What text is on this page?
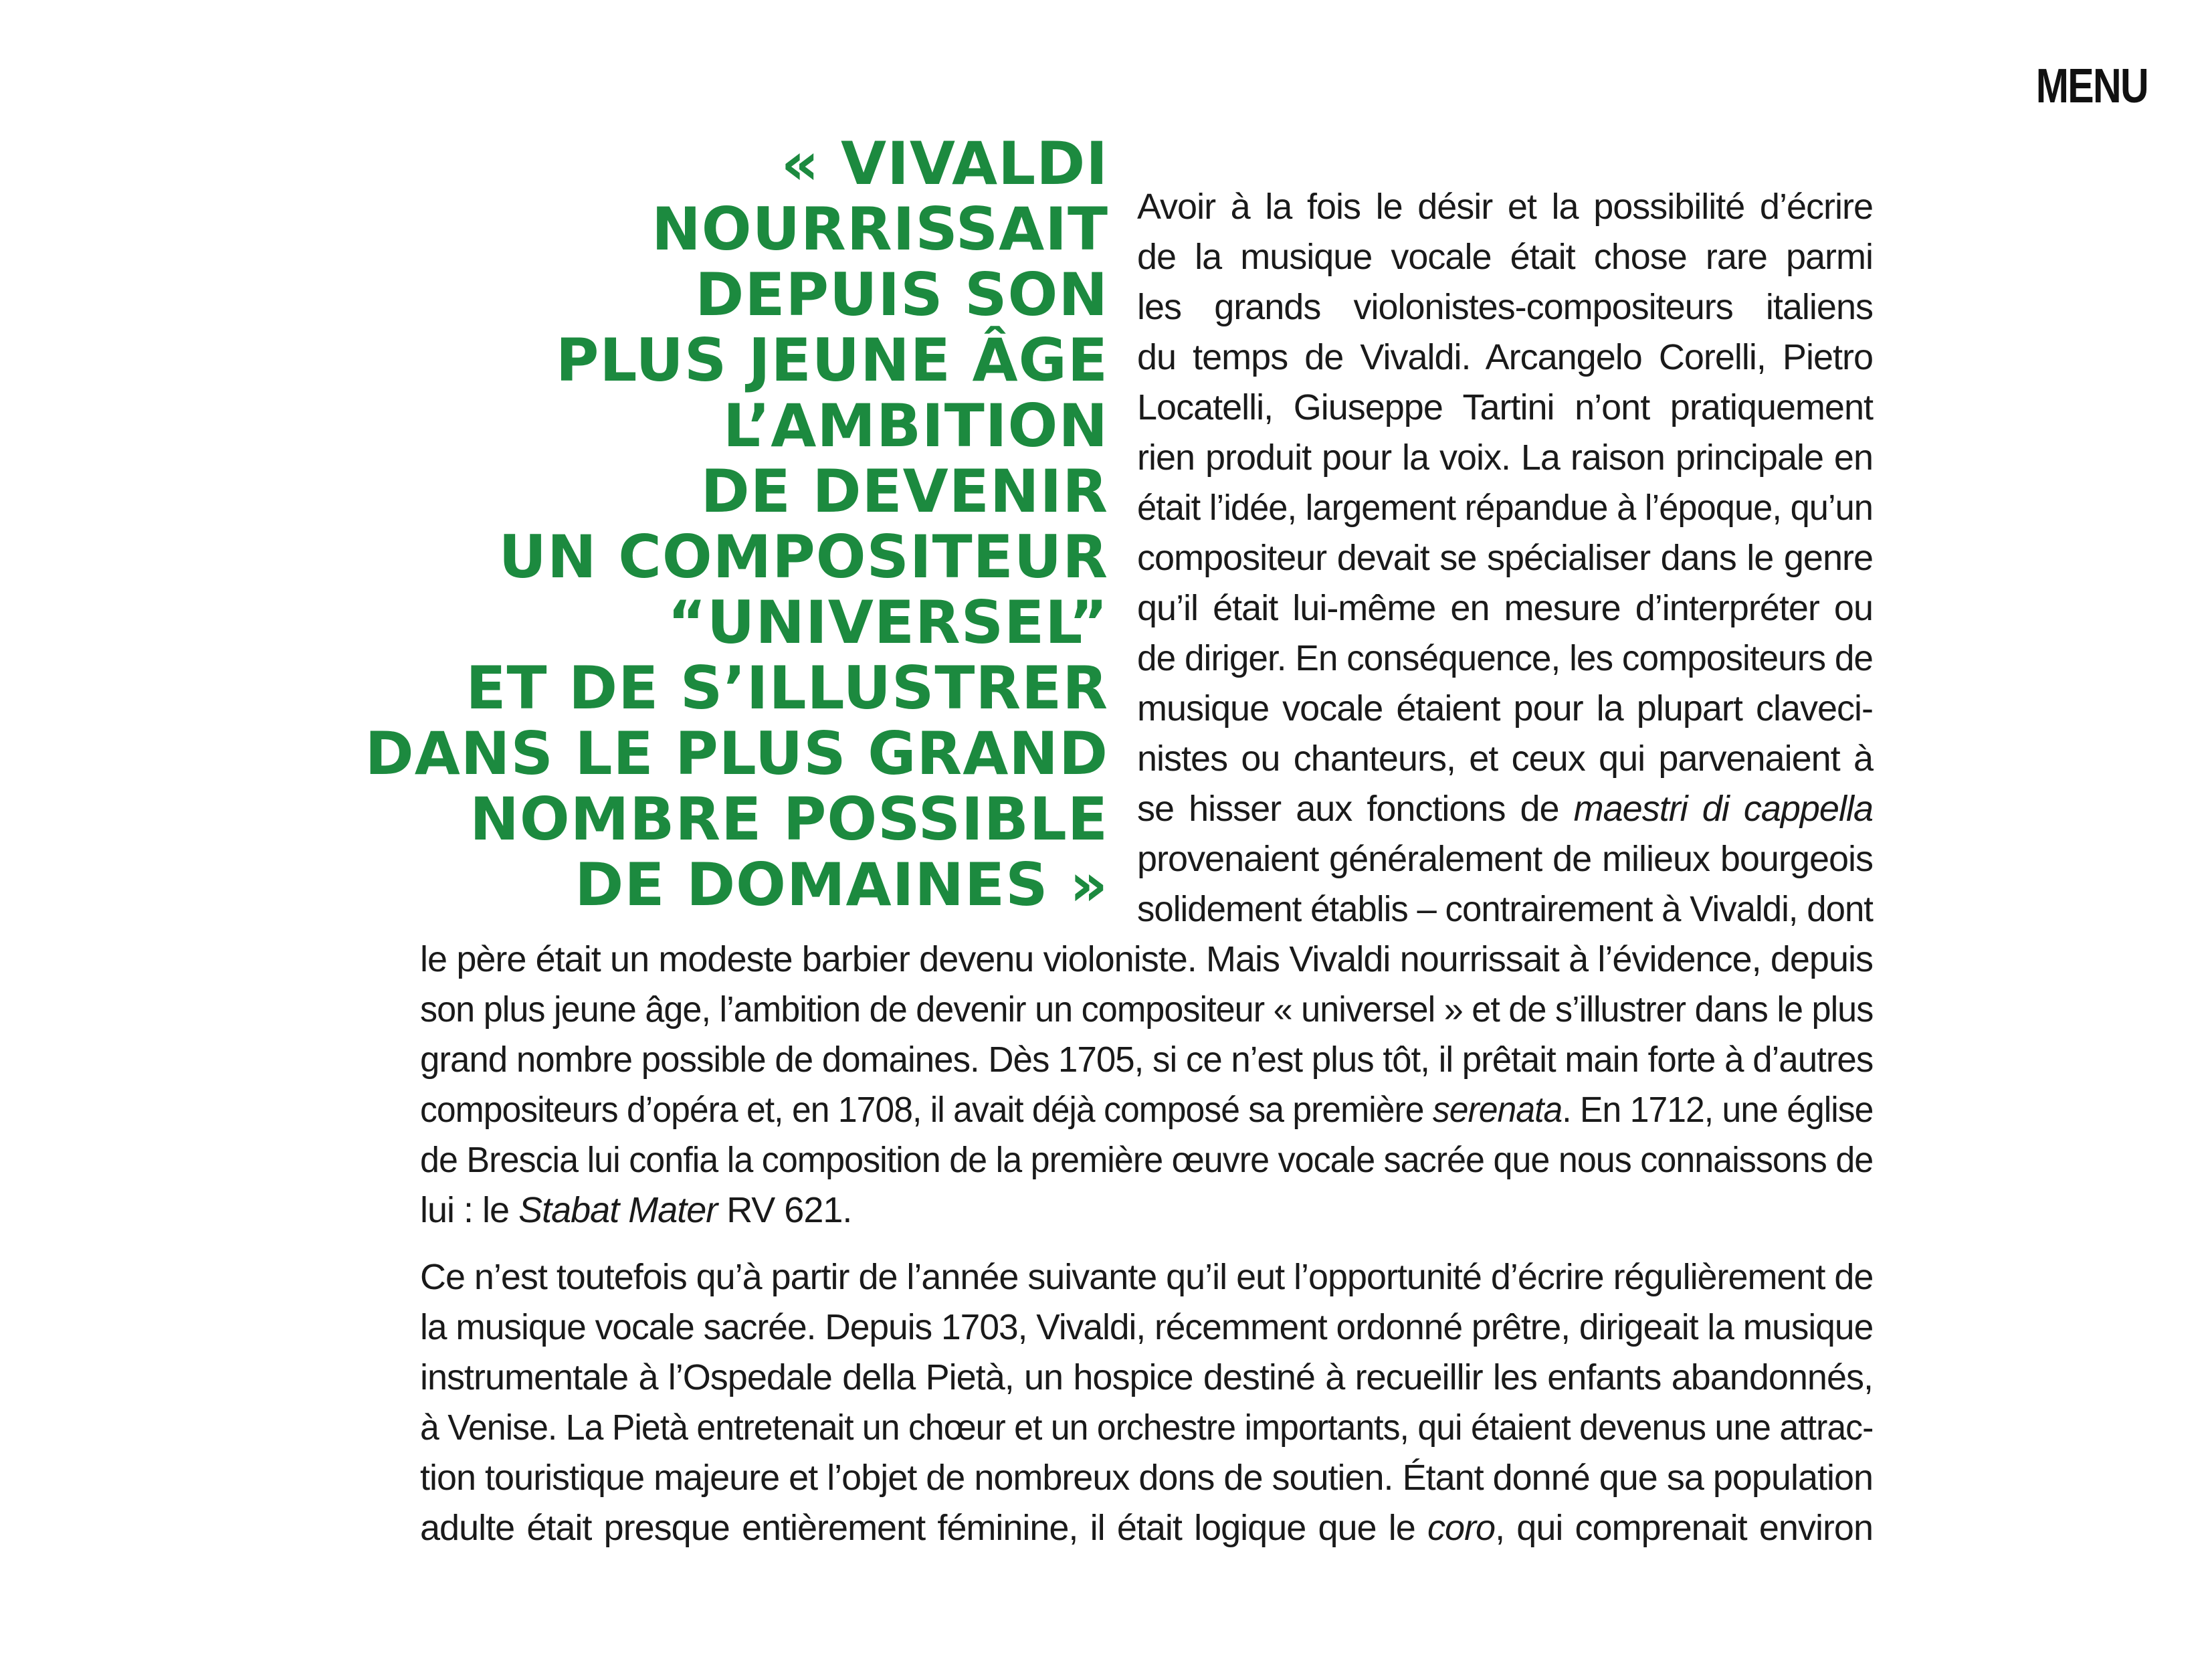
MENU
« VIVALDI
NOURRISSAIT
DEPUIS SON
PLUS JEUNE ÂGE
L’AMBITION
DE DEVENIR
UN COMPOSITEUR
“UNIVERSEL”
ET DE S’ILLUSTRER
DANS LE PLUS GRAND
NOMBRE POSSIBLE
DE DOMAINES »
Avoir à la fois le désir et la possibilité d’écrire
de la musique vocale était chose rare parmi
les grands violonistes-compositeurs italiens
du temps de Vivaldi. Arcangelo Corelli, Pietro
Locatelli, Giuseppe Tartini n’ont pratiquement
rien produit pour la voix. La raison principale en
était l’idée, largement répandue à l’époque, qu’un
compositeur devait se spécialiser dans le genre
qu’il était lui-même en mesure d’interpréter ou
de diriger. En conséquence, les compositeurs de
musique vocale étaient pour la plupart claveci-
nistes ou chanteurs, et ceux qui parvenaient à
se hisser aux fonctions de maestri di cappella
provenaient généralement de milieux bourgeois
solidement établis – contrairement à Vivaldi, dont
le père était un modeste barbier devenu violoniste. Mais Vivaldi nourrissait à l’évidence, depuis
son plus jeune âge, l’ambition de devenir un compositeur « universel » et de s’illustrer dans le plus
grand nombre possible de domaines. Dès 1705, si ce n’est plus tôt, il prêtait main forte à d’autres
compositeurs d’opéra et, en 1708, il avait déjà composé sa première serenata. En 1712, une église
de Brescia lui confia la composition de la première œuvre vocale sacrée que nous connaissons de
lui : le Stabat Mater RV 621.
Ce n’est toutefois qu’à partir de l’année suivante qu’il eut l’opportunité d’écrire régulièrement de
la musique vocale sacrée. Depuis 1703, Vivaldi, récemment ordonné prêtre, dirigeait la musique
instrumentale à l’Ospedale della Pietà, un hospice destiné à recueillir les enfants abandonnés,
à Venise. La Pietà entretenait un chœur et un orchestre importants, qui étaient devenus une attrac-
tion touristique majeure et l’objet de nombreux dons de soutien. Étant donné que sa population
adulte était presque entièrement féminine, il était logique que le coro, qui comprenait environ
